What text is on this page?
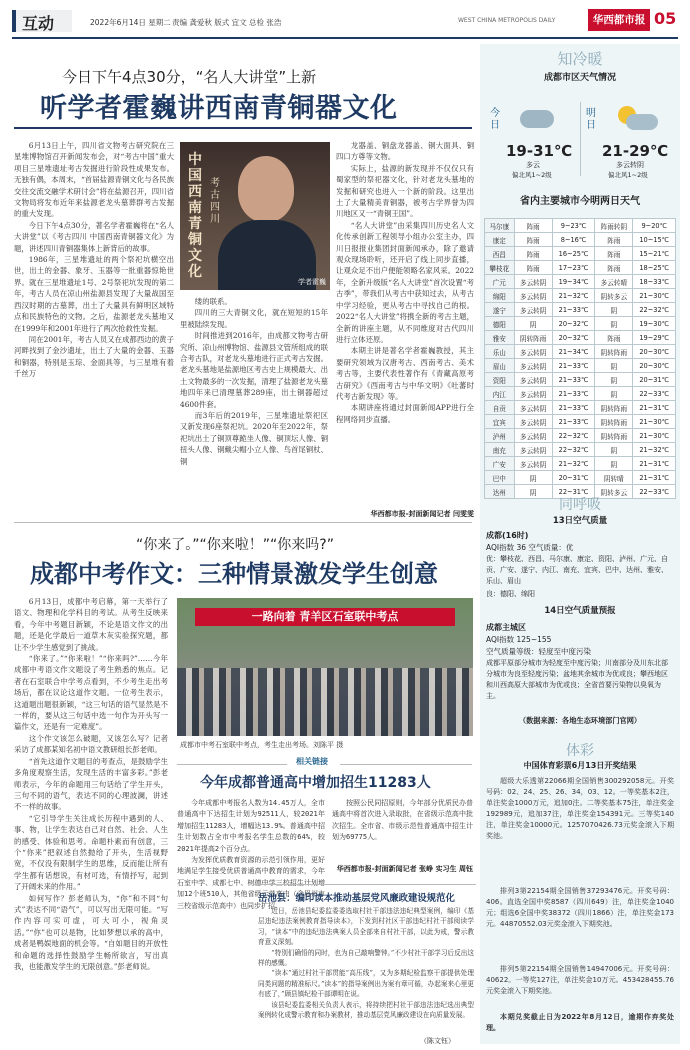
互动	2022年6月14日 星期二 责编 龚爱秋 版式 宜文 总检 张浩	WEST CHINA METROPOLIS DAILY	华西都市报 05
今日下午4点30分，“名人大讲堂”上新
听学者霍巍讲西南青铜器文化

6月13日上午，四川省文物考古研究院在三星堆博物馆召开新闻发布会，对“考古中国”重大项目三星堆遗址考古发掘进行阶段性成果发布。无独有偶，本周末，“首届盐源青铜文化与各民族交往交流交融学术研讨会”将在盐源召开，四川省文物局将发布近年来盐源老龙头墓葬群考古发掘的重大发现。

今日下午4点30分，著名学者霍巍将在“名人大讲堂”以《考古四川 中国西南青铜器文化》为题，讲述四川青铜器集体上新背后的故事。

1986年，三星堆遗址的两个祭祀坑横空出世，出土的金器、象牙、玉器等一批重器惊艳世界。就在三星堆遗址1号、2号祭祀坑发现的第二年，考古人员在凉山州盐源县发现了大量战国至西汉时期的古墓葬，出土了大量具有鲜明区域特点和民族特色的文物。之后，盐源老龙头墓地又在1999年和2001年进行了两次抢救性发掘。

同在2001年，考古人员又在成都西边的黄子河畔找到了金沙遗址，出土了大量的金器、玉器和铜器，特别是玉琮、金面具等，与三星堆有着千丝万

中国西南青铜文化
考古四川
学者霍巍

缕的联系。

四川的三大青铜文化，就在短短的15年里被陆续发现。

时间推进到2016年，由成都文物考古研究所、凉山州博物馆、盐源县文管所组成的联合考古队，对老龙头墓地进行正式考古发掘。老龙头墓地是盐源地区考古史上规模最大、出土文物最多的一次发掘，清理了盐源老龙头墓地四年来已清理墓葬289座，出土铜器超过4600件套。

而3年后的2019年，三星堆遗址祭祀区又新发现6座祭祀坑。2020年至2022年，祭祀坑出土了铜顶尊跪坐人像、铜顶坛人像、铜扭头人像、铜戴尖帽小立人像、鸟首尾铜杖、铜

龙器盖、铜盘龙器盖、铜大面具、铜四口方尊等文物。

实际上，盐源的新发现并不仅仅只有蜀家型的祭祀器文化，针对老龙头墓地的发掘和研究也进入一个新的阶段。这里出土了大量精美青铜器，被考古学界誉为四川地区又一“青铜王国”。

“名人大讲堂”由采集四川历史名人文化传承创新工程领导小组办公室主办，四川日报报业集团封面新闻承办，除了邀请观众现场聆听，还开启了线上同步直播，让观众足不出户便能领略名家风采。2022年，全新升级版“名人大讲堂”首次设置“考古季”，带我们从考古中获知过去，从考古中学习经验，更从考古中寻找自己的根。2022“名人大讲堂”将携全新的考古主题，全新的讲座主题，从不同维度对古代四川进行立体还原。

本期主讲是著名学者霍巍教授，其主要研究领域为汉唐考古、西南考古、美术考古等，主要代表性著作有《青藏高原考古研究》《西南考古与中华文明》《吐蕃时代考古新发现》等。

本期讲座将通过封面新闻APP进行全程网络同步直播。

华西都市报-封面新闻记者 闫雯雯
“你来了。”“你来啦！”“你来吗?”
成都中考作文：三种情景激发学生创意

6月13日，成都中考启幕，第一天举行了语文、物理和化学科目的考试。从考生反映来看，今年中考题目新颖，不论是语文作文的出题，还是化学最后一道草木灰实验探究题，都让不少学生感觉到了挑战。

“你来了。”“你来啦！”“你来吗?”……今年成都中考语文作文题设了考生熟悉的焦点。记者在石室联合中学考点看到，不少考生走出考场后，都在议论这道作文题。一位考生表示，这道题出题很新颖，“这三句话的语气显然是不一样的，要从这三句话中选一句作为开头写一篇作文，还是有一定难度”。

这个作文该怎么破题，又该怎么写？记者采访了成都某知名初中语文教研组长彭老师。

“首先这道作文题目的考查点，是鼓励学生多角度观察生活，发现生活的丰富多彩。”彭老师表示，今年的命题用三句话给了学生开头，三句不同的语气，表达不同的心理波澜，讲述不一样的故事。

“它引导学生关注成长历程中遇到的人、事、物，让学生表达自己对自然、社会、人生的感受、体验和思考。命题朴素而有创意，三个“你来”把叙述自然抛给了开头，生活视野宽，不仅没有限制学生的思维，反而能让所有学生都有话想说，有材可选，有情抒写，起到了开阔未来的作用。”

如何写作？彭老师认为，“你”和不同“句式”表达不同“语气”，可以写出无限可能。“写作内容可实可虚，可大可小，视角灵活。”“你”也可以是物，比如梦想以承的高中，成者是鸭娱地面的机会等。“自如题目的开放性和命题的选择性鼓励学生畅所欲言，写出真我，也能激发学生的无限创意。”彭老师说。

一路向着 青羊区石室联中考点
成都市中考石室联中考点，考生走出考场。刘陈平 摄
相关链接
今年成都普通高中增加招生11283人

今年成都中考报名人数为14.45万人，全市普通高中下达招生计划为92511人，较2021年增加招生11283人，增幅达13.9%。普通高中招生计划数占全市中考报名学生总数的64%，较2021年提高2个百分点。

为发挥优质教育资源的示范引领作用，更好地满足学生接受优质普通高中教育的需求，今年石室中学、成都七中、树德中学三校招生计划增加12个班510人，其他省级示范高中（含眉州市三校省级示范高中）也同步扩招。

按照公民同招原则，今年部分优质民办普通高中将首次进入录取批，在省级示范高中批次招生。全市省、市级示范性普通高中招生计划为69775人。

华西都市报-封面新闻记者 张峥 实习生 周钰
岳池县：编印读本推动基层党风廉政建设规范化

近日，岳池县纪委监委委选取村社干部违法违纪典型案例，编印《基层违纪违法案例教育指导读本》，下发到村社区干部违纪村社干部阅读学习，“读本”中的违纪违法典案人员全部来自村社干部，以此为戒，警示教育意义深刻。

“特别们确悟的同时，也为自己敲响警钟。”不少村社干部学习后反出这样的感慨。

“读本”通过村社干部贯能“高压线”，又为多期纪检监察干部提供处理同类问题的精准标尺。”读本”的指导案例出为案有章可循，办起案来心里更有底了，”顾县镇纪检干部谭明在说。

该县纪委监委相关负责人表示，将持续把村社干部违法违纪选出典型案例转化成警示教育和办案教材，推动基层党风廉政建设在向质量发展。

（陈文钰）
知冷暖
成都市区天气情况
今日
19-31℃
多云
偏北风1~2级
明日
21-29℃
多云转阴
偏北风1~2级
省内主要城市今明两日天气
马尔康	阵雨	9~23℃	阵雨转阴	9~20℃
康定	阵雨	8~16℃	阵雨	10~15℃
西昌	阵雨	16~25℃	阵雨	15~21℃
攀枝花	阵雨	17~23℃	阵雨	18~25℃
广元	多云转阴	19~34℃	多云转晴	18~33℃
绵阳	多云转阴	21~32℃	阴转多云	21~30℃
遂宁	多云转阴	21~33℃	阴	22~32℃
德阳	阴	20~32℃	阴	19~30℃
雅安	阴转阵雨	20~32℃	阵雨	19~29℃
乐山	多云转阴	21~34℃	阴转阵雨	20~30℃
眉山	多云转阴	21~33℃	阴	20~30℃
资阳	多云转阴	21~33℃	阴	20~31℃
内江	多云转阴	21~33℃	阴	22~33℃
自贡	多云转阴	21~33℃	阴转阵雨	21~31℃
宜宾	多云转阴	21~33℃	阴转阵雨	21~30℃
泸州	多云转阴	22~32℃	阴转阵雨	21~30℃
南充	多云转阴	22~32℃	阴	21~32℃
广安	多云转阴	21~32℃	阴	21~31℃
巴中	阴	20~31℃	阴转晴	21~31℃
达州	阴	22~31℃	阴转多云	22~33℃
同呼吸
13日空气质量
成都(16时)
AQI指数 36 空气质量：优
优：攀枝花、西昌、马尔康、康定、资阳、泸州、广元、自贡、广安、遂宁、内江、南充、宜宾、巴中、达州、雅安、乐山、眉山
良：德阳、绵阳
14日空气质量预报
成都主城区
AQI指数 125~155
空气质量等级：轻度至中度污染
成都平原部分城市为轻度至中度污染；川南部分及川东北部分城市为良至轻度污染；盆地其余城市为优或良；攀西地区和川西高原大部城市为优或良；全省首要污染物以臭氧为主。
（数据来源：各地生态环境部门官网）
体彩
中国体育彩票6月13日开奖结果

超级大乐透第22066期全国销售300292058元。开奖号码：02、24、25、26、34，03、12。一等奖基本2注，单注奖金1000万元，追加0注。二等奖基本75注，单注奖金192989元，追加37注，单注奖金154391元。三等奖140注，单注奖金10000元。1257070426.73元奖金滚入下期奖池。

排列3第22154期全国销售37293476元。开奖号码：406。直选全国中奖8587（四川649）注，单注奖金1040元；组选6全国中奖38372（四川1866）注，单注奖金173元。44870552.03元奖金滚入下期奖池。

排列5第22154期全国销售14947006元。开奖号码：40622。一等奖127注，单注奖金10万元。453428455.76元奖金滚入下期奖池。

本期兑奖截止日为2022年8月12日，逾期作弃奖处理。
